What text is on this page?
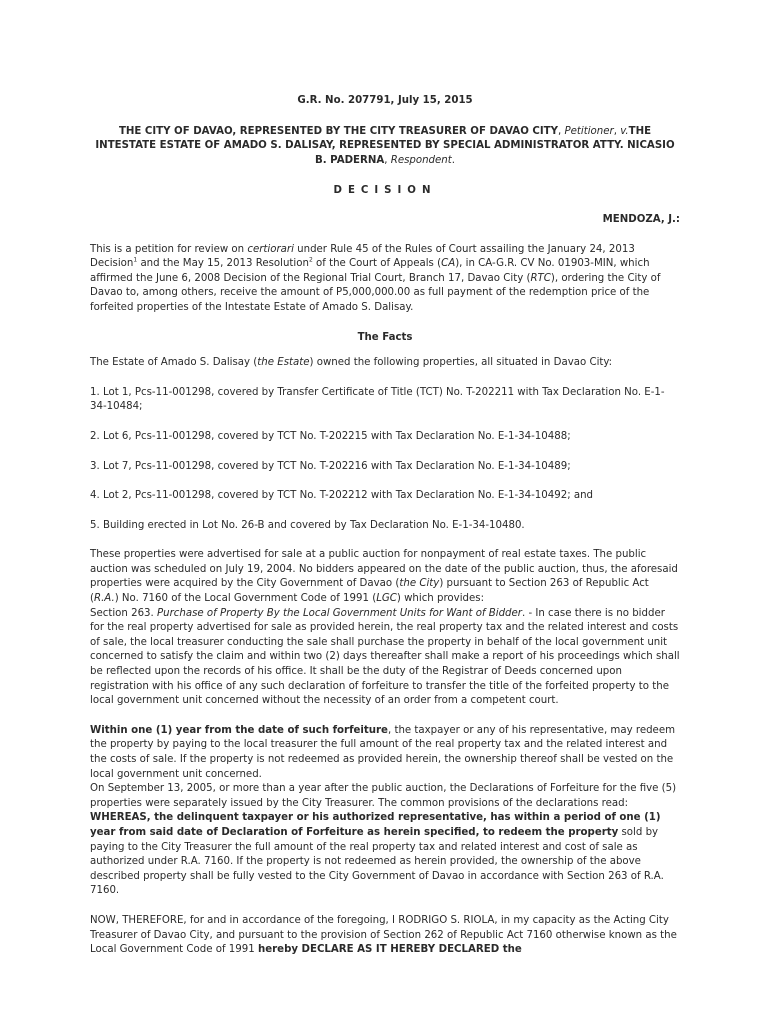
G.R. No. 207791, July 15, 2015

THE CITY OF DAVAO, REPRESENTED BY THE CITY TREASURER OF DAVAO CITY, Petitioner, v.THE INTESTATE ESTATE OF AMADO S. DALISAY, REPRESENTED BY SPECIAL ADMINISTRATOR ATTY. NICASIO B. PADERNA, Respondent.

DECISION

MENDOZA, J.:

This is a petition for review on certiorari under Rule 45 of the Rules of Court assailing the January 24, 2013 Decision$^1$ and the May 15, 2013 Resolution$^2$ of the Court of Appeals (CA), in CA-G.R. CV No. 01903-MIN, which affirmed the June 6, 2008 Decision of the Regional Trial Court, Branch 17, Davao City (RTC), ordering the City of Davao to, among others, receive the amount of P5,000,000.00 as full payment of the redemption price of the forfeited properties of the Intestate Estate of Amado S. Dalisay.

The Facts

The Estate of Amado S. Dalisay (the Estate) owned the following properties, all situated in Davao City:

1. Lot 1, Pcs-11-001298, covered by Transfer Certificate of Title (TCT) No. T-202211 with Tax Declaration No. E-1-34-10484;

2. Lot 6, Pcs-11-001298, covered by TCT No. T-202215 with Tax Declaration No. E-1-34-10488;

3. Lot 7, Pcs-11-001298, covered by TCT No. T-202216 with Tax Declaration No. E-1-34-10489;

4. Lot 2, Pcs-11-001298, covered by TCT No. T-202212 with Tax Declaration No. E-1-34-10492; and

5. Building erected in Lot No. 26-B and covered by Tax Declaration No. E-1-34-10480.

These properties were advertised for sale at a public auction for nonpayment of real estate taxes. The public auction was scheduled on July 19, 2004. No bidders appeared on the date of the public auction, thus, the aforesaid properties were acquired by the City Government of Davao (the City) pursuant to Section 263 of Republic Act (R.A.) No. 7160 of the Local Government Code of 1991 (LGC) which provides:

Section 263. Purchase of Property By the Local Government Units for Want of Bidder. - In case there is no bidder for the real property advertised for sale as provided herein, the real property tax and the related interest and costs of sale, the local treasurer conducting the sale shall purchase the property in behalf of the local government unit concerned to satisfy the claim and within two (2) days thereafter shall make a report of his proceedings which shall be reflected upon the records of his office. It shall be the duty of the Registrar of Deeds concerned upon registration with his office of any such declaration of forfeiture to transfer the title of the forfeited property to the local government unit concerned without the necessity of an order from a competent court.

Within one (1) year from the date of such forfeiture, the taxpayer or any of his representative, may redeem the property by paying to the local treasurer the full amount of the real property tax and the related interest and the costs of sale. If the property is not redeemed as provided herein, the ownership thereof shall be vested on the local government unit concerned.

On September 13, 2005, or more than a year after the public auction, the Declarations of Forfeiture for the five (5) properties were separately issued by the City Treasurer. The common provisions of the declarations read:

WHEREAS, the delinquent taxpayer or his authorized representative, has within a period of one (1) year from said date of Declaration of Forfeiture as herein specified, to redeem the property sold by paying to the City Treasurer the full amount of the real property tax and related interest and cost of sale as authorized under R.A. 7160. If the property is not redeemed as herein provided, the ownership of the above described property shall be fully vested to the City Government of Davao in accordance with Section 263 of R.A. 7160.

NOW, THEREFORE, for and in accordance of the foregoing, I RODRIGO S. RIOLA, in my capacity as the Acting City Treasurer of Davao City, and pursuant to the provision of Section 262 of Republic Act 7160 otherwise known as the Local Government Code of 1991 hereby DECLARE AS IT HEREBY DECLARED the
